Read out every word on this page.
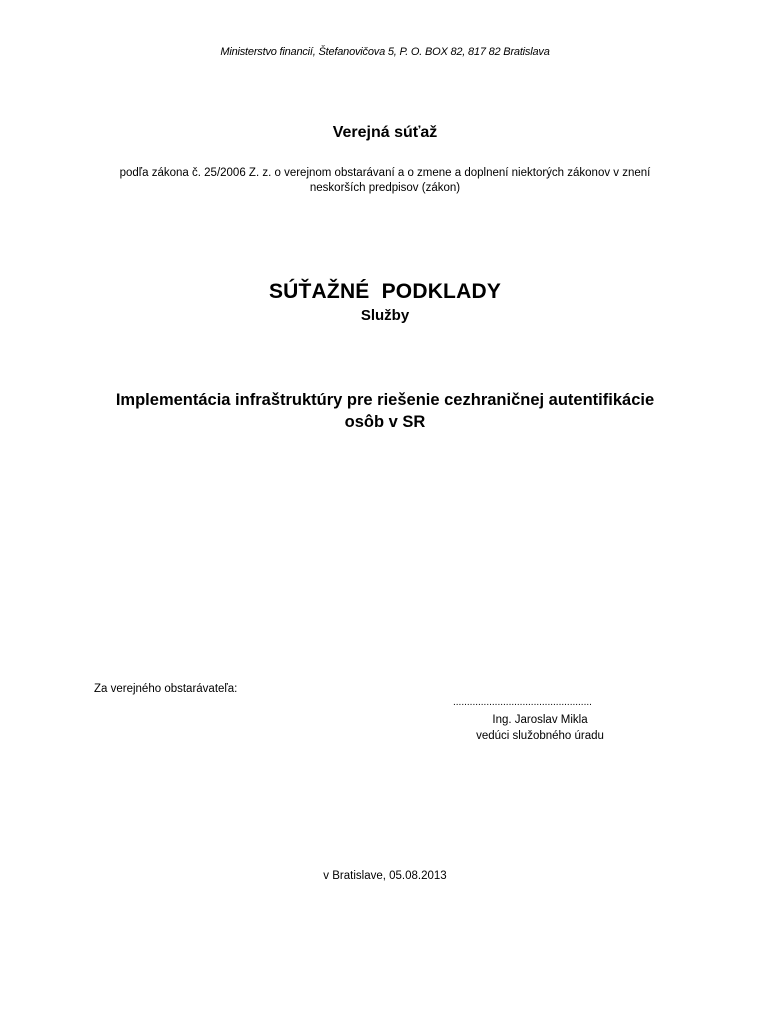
Ministerstvo financií, Štefanovičova 5, P. O. BOX 82, 817 82 Bratislava
Verejná súťaž
podľa zákona č. 25/2006 Z. z. o verejnom obstarávaní a o zmene a doplnení niektorých zákonov v znení
neskorších predpisov (zákon)
SÚŤAŽNÉ  PODKLADY
Služby
Implementácia infraštruktúry pre riešenie cezhraničnej autentifikácie
osôb v SR
Za verejného obstarávateľa:
..................................................
Ing. Jaroslav Mikla
vedúci služobného úradu
v Bratislave, 05.08.2013
